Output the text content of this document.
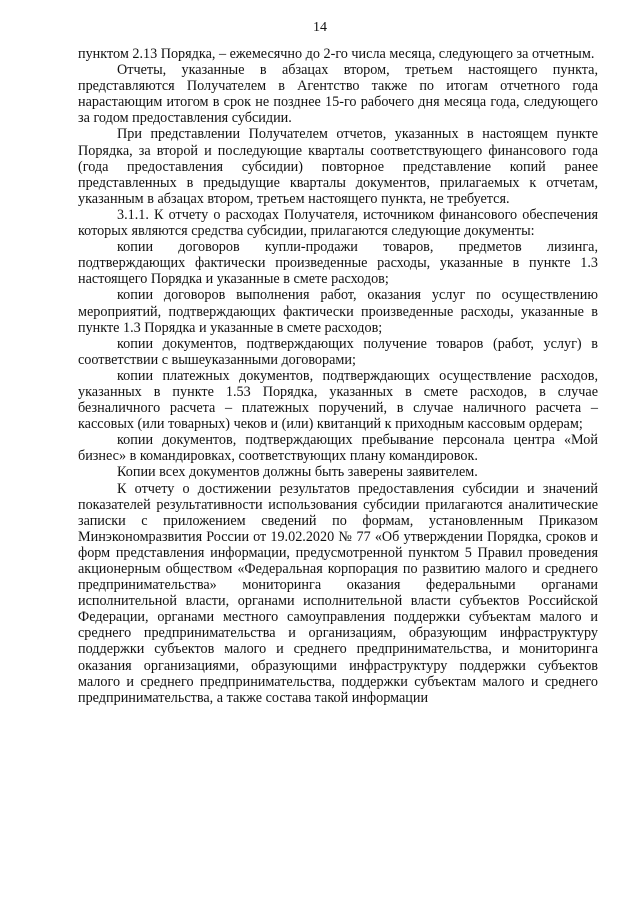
14

пунктом 2.13 Порядка, – ежемесячно до 2-го числа месяца, следующего за отчетным.

Отчеты, указанные в абзацах втором, третьем настоящего пункта, представляются Получателем в Агентство также по итогам отчетного года нарастающим итогом в срок не позднее 15-го рабочего дня месяца года, следующего за годом предоставления субсидии.

При представлении Получателем отчетов, указанных в настоящем пункте Порядка, за второй и последующие кварталы соответствующего финансового года (года предоставления субсидии) повторное представление копий ранее представленных в предыдущие кварталы документов, прилагаемых к отчетам, указанным в абзацах втором, третьем настоящего пункта, не требуется.

3.1.1. К отчету о расходах Получателя, источником финансового обеспечения которых являются средства субсидии, прилагаются следующие документы:

копии договоров купли-продажи товаров, предметов лизинга, подтверждающих фактически произведенные расходы, указанные в пункте 1.3 настоящего Порядка и указанные в смете расходов;

копии договоров выполнения работ, оказания услуг по осуществлению мероприятий, подтверждающих фактически произведенные расходы, указанные в пункте 1.3 Порядка и указанные в смете расходов;

копии документов, подтверждающих получение товаров (работ, услуг) в соответствии с вышеуказанными договорами;

копии платежных документов, подтверждающих осуществление расходов, указанных в пункте 1.53 Порядка, указанных в смете расходов, в случае безналичного расчета – платежных поручений, в случае наличного расчета – кассовых (или товарных) чеков и (или) квитанций к приходным кассовым ордерам;

копии документов, подтверждающих пребывание персонала центра «Мой бизнес» в командировках, соответствующих плану командировок.

Копии всех документов должны быть заверены заявителем.

К отчету о достижении результатов предоставления субсидии и значений показателей результативности использования субсидии прилагаются аналитические записки с приложением сведений по формам, установленным Приказом Минэкономразвития России от 19.02.2020 № 77 «Об утверждении Порядка, сроков и форм представления информации, предусмотренной пунктом 5 Правил проведения акционерным обществом «Федеральная корпорация по развитию малого и среднего предпринимательства» мониторинга оказания федеральными органами исполнительной власти, органами исполнительной власти субъектов Российской Федерации, органами местного самоуправления поддержки субъектам малого и среднего предпринимательства и организациям, образующим инфраструктуру поддержки субъектов малого и среднего предпринимательства, и мониторинга оказания организациями, образующими инфраструктуру поддержки субъектов малого и среднего предпринимательства, поддержки субъектам малого и среднего предпринимательства, а также состава такой информации
